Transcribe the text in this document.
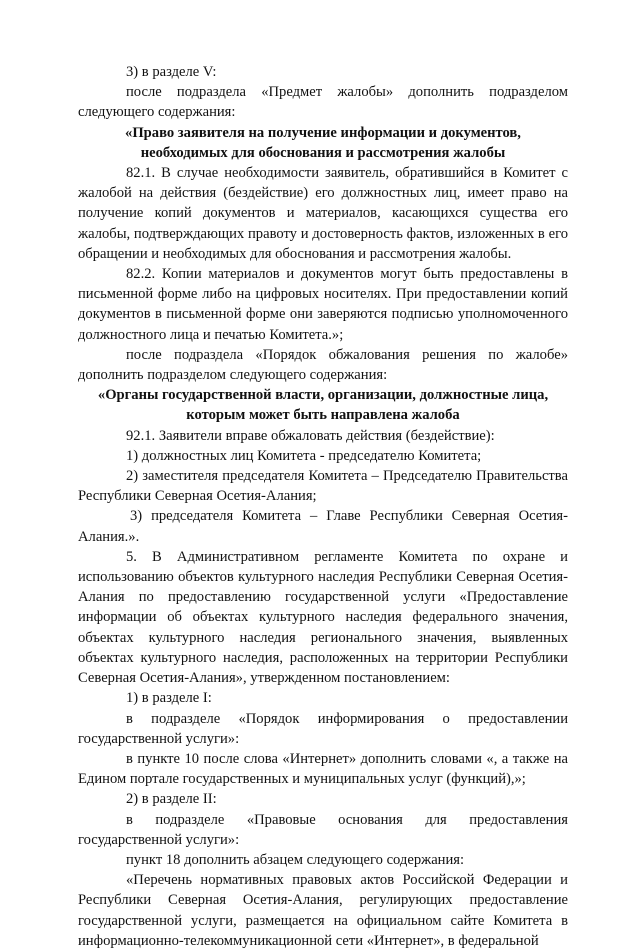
3) в разделе V:

после подраздела «Предмет жалобы» дополнить подразделом

следующего содержания:

«Право заявителя на получение информации и документов,

необходимых для обоснования и рассмотрения жалобы

82.1. В случае необходимости заявитель, обратившийся в Комитет с жалобой на действия (бездействие) его должностных лиц, имеет право на получение копий документов и материалов, касающихся существа его жалобы, подтверждающих правоту и достоверность фактов, изложенных в его обращении и необходимых для обоснования и рассмотрения жалобы.

82.2. Копии материалов и документов могут быть предоставлены в письменной форме либо на цифровых носителях. При предоставлении копий документов в письменной форме они заверяются подписью уполномоченного должностного лица и печатью Комитета.»;

после подраздела «Порядок обжалования решения по жалобе» дополнить подразделом следующего содержания:

«Органы государственной власти, организации, должностные лица,

которым может быть направлена жалоба

92.1. Заявители вправе обжаловать действия (бездействие):

1) должностных лиц Комитета - председателю Комитета;

2) заместителя председателя Комитета – Председателю Правительства Республики Северная Осетия-Алания;

3) председателя Комитета – Главе Республики Северная Осетия-Алания.».

5. В Административном регламенте Комитета по охране и использованию объектов культурного наследия Республики Северная Осетия-Алания по предоставлению государственной услуги «Предоставление информации об объектах культурного наследия федерального значения, объектах культурного наследия регионального значения, выявленных объектах культурного наследия, расположенных на территории Республики Северная Осетия-Алания», утвержденном постановлением:

1) в разделе I:

в подразделе «Порядок информирования о предоставлении государственной услуги»:

в пункте 10 после слова «Интернет» дополнить словами «, а также на Едином портале государственных и муниципальных услуг (функций),»;

2) в разделе II:

в подразделе «Правовые основания для предоставления государственной услуги»:

пункт 18 дополнить абзацем следующего содержания:

«Перечень нормативных правовых актов Российской Федерации и Республики Северная Осетия-Алания, регулирующих предоставление государственной услуги, размещается на официальном сайте Комитета в информационно-телекоммуникационной сети «Интернет», в федеральной
